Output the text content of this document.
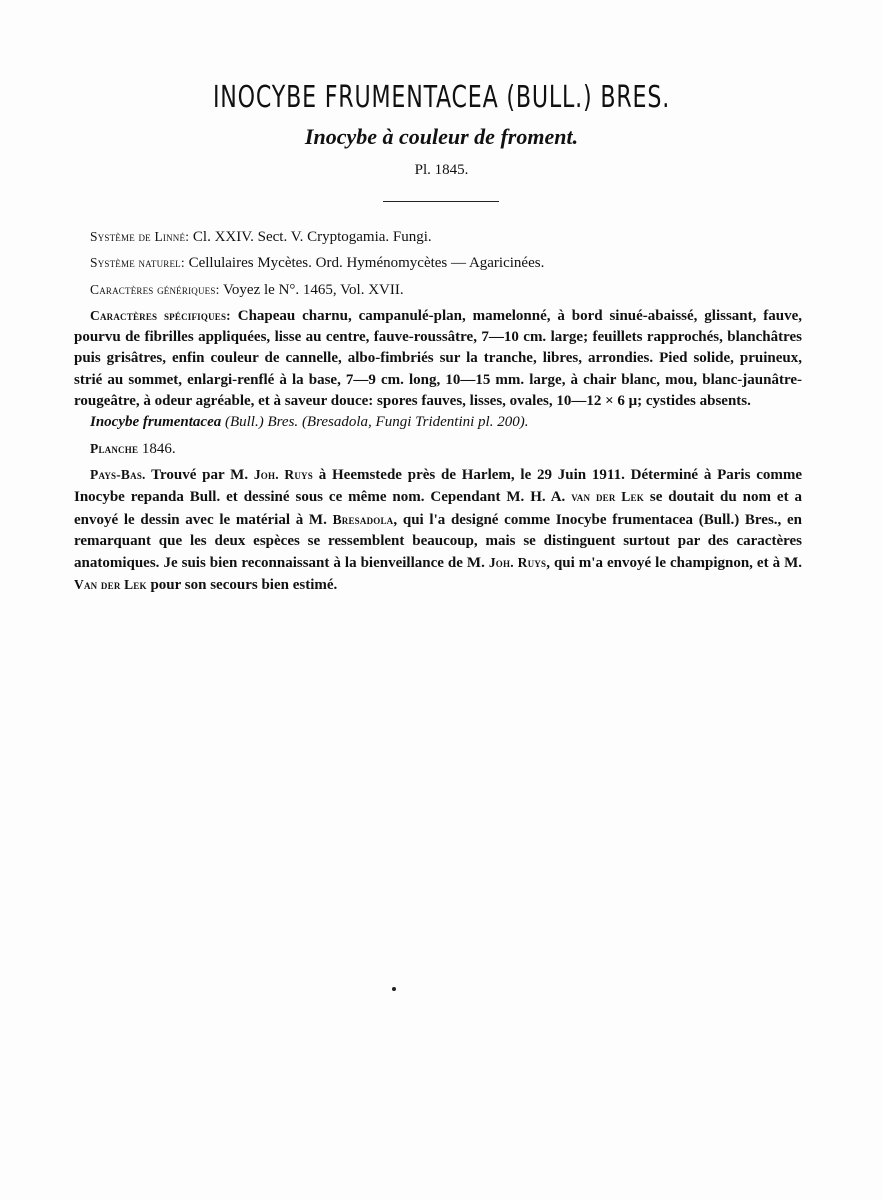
INOCYBE FRUMENTACEA (BULL.) BRES.
Inocybe à couleur de froment.
Pl. 1845.

Système de Linné: Cl. XXIV. Sect. V. Cryptogamia. Fungi.

Système naturel: Cellulaires Mycètes. Ord. Hyménomycètes — Agaricinées.

Caractères génériques: Voyez le N°. 1465, Vol. XVII.

Caractères spécifiques: Chapeau charnu, campanulé-plan, mamelonné, à bord sinué-abaissé, glissant, fauve, pourvu de fibrilles appliquées, lisse au centre, fauve-roussâtre, 7—10 cm. large; feuillets rapprochés, blanchâtres puis grisâtres, enfin couleur de cannelle, albo-fimbriés sur la tranche, libres, arrondies. Pied solide, pruineux, strié au sommet, enlargi-renflé à la base, 7—9 cm. long, 10—15 mm. large, à chair blanc, mou, blanc-jaunâtre-rougeâtre, à odeur agréable, et à saveur douce: spores fauves, lisses, ovales, 10—12 × 6 μ; cystides absents.

Inocybe frumentacea (Bull.) Bres. (Bresadola, Fungi Tridentini pl. 200).

Planche 1846.

Pays-Bas. Trouvé par M. Joh. Ruys à Heemstede près de Harlem, le 29 Juin 1911. Déterminé à Paris comme Inocybe repanda Bull. et dessiné sous ce même nom. Cependant M. H. A. van der Lek se doutait du nom et a envoyé le dessin avec le matérial à M. Bresadola, qui l'a designé comme Inocybe frumentacea (Bull.) Bres., en remarquant que les deux espèces se ressemblent beaucoup, mais se distinguent surtout par des caractères anatomiques. Je suis bien reconnaissant à la bienveillance de M. Joh. Ruys, qui m'a envoyé le champignon, et à M. Van der Lek pour son secours bien estimé.
